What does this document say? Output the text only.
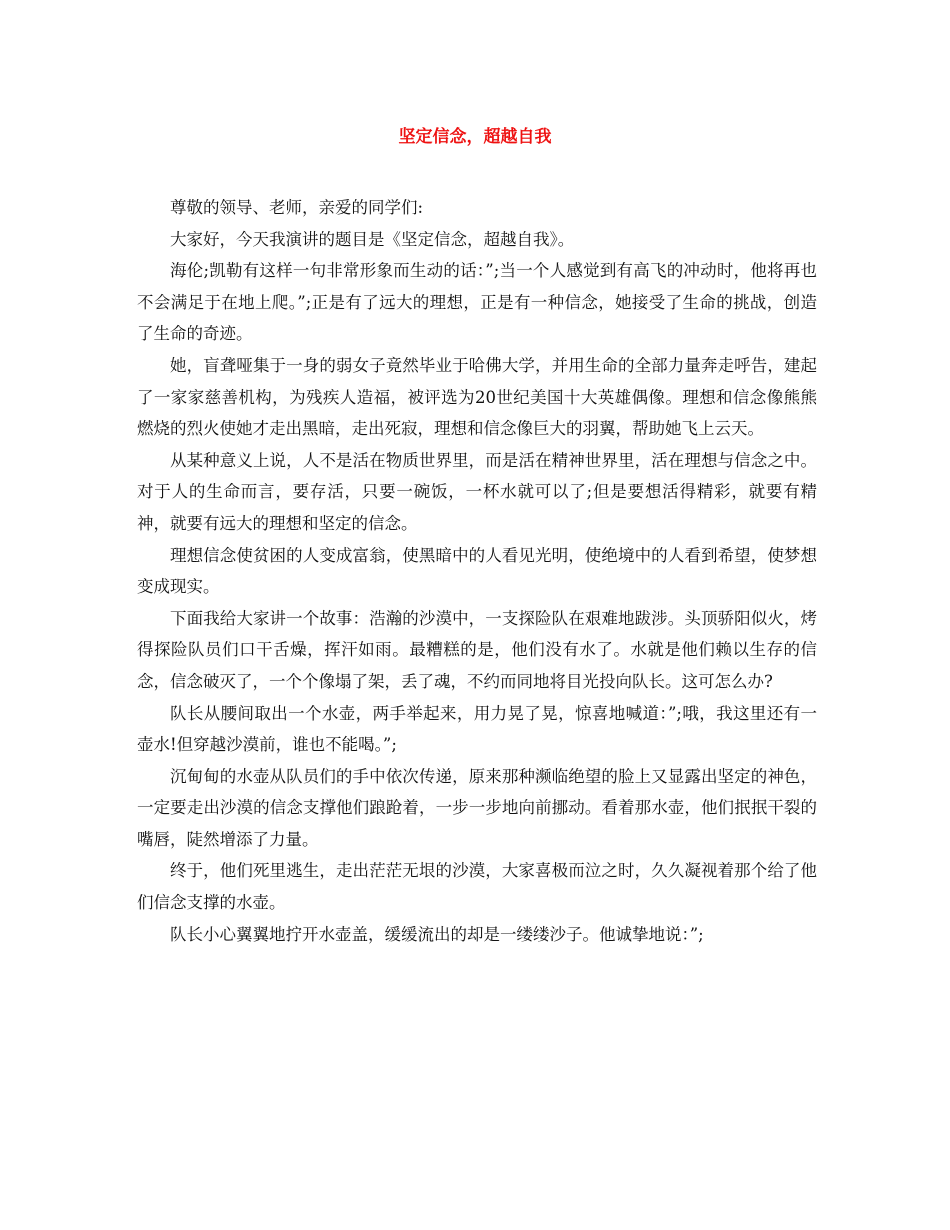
坚定信念，超越自我

尊敬的领导、老师，亲爱的同学们:

大家好，今天我演讲的题目是《坚定信念，超越自我》。

海伦;凯勒有这样一句非常形象而生动的话：”;当一个人感觉到有高飞的冲动时，他将再也不会满足于在地上爬。”;正是有了远大的理想，正是有一种信念，她接受了生命的挑战，创造了生命的奇迹。

她，盲聋哑集于一身的弱女子竟然毕业于哈佛大学，并用生命的全部力量奔走呼告，建起了一家家慈善机构，为残疾人造福，被评选为20世纪美国十大英雄偶像。理想和信念像熊熊燃烧的烈火使她才走出黑暗，走出死寂，理想和信念像巨大的羽翼，帮助她飞上云天。

从某种意义上说，人不是活在物质世界里，而是活在精神世界里，活在理想与信念之中。对于人的生命而言，要存活，只要一碗饭，一杯水就可以了;但是要想活得精彩，就要有精神，就要有远大的理想和坚定的信念。

理想信念使贫困的人变成富翁，使黑暗中的人看见光明，使绝境中的人看到希望，使梦想变成现实。

下面我给大家讲一个故事：浩瀚的沙漠中，一支探险队在艰难地跋涉。头顶骄阳似火，烤得探险队员们口干舌燥，挥汗如雨。最糟糕的是，他们没有水了。水就是他们赖以生存的信念，信念破灭了，一个个像塌了架，丢了魂，不约而同地将目光投向队长。这可怎么办?

队长从腰间取出一个水壶，两手举起来，用力晃了晃，惊喜地喊道：”;哦，我这里还有一壶水!但穿越沙漠前，谁也不能喝。”;

沉甸甸的水壶从队员们的手中依次传递，原来那种濒临绝望的脸上又显露出坚定的神色，一定要走出沙漠的信念支撑他们踉跄着，一步一步地向前挪动。看着那水壶，他们抿抿干裂的嘴唇，陡然增添了力量。

终于，他们死里逃生，走出茫茫无垠的沙漠，大家喜极而泣之时，久久凝视着那个给了他们信念支撑的水壶。

队长小心翼翼地拧开水壶盖，缓缓流出的却是一缕缕沙子。他诚挚地说：”;
